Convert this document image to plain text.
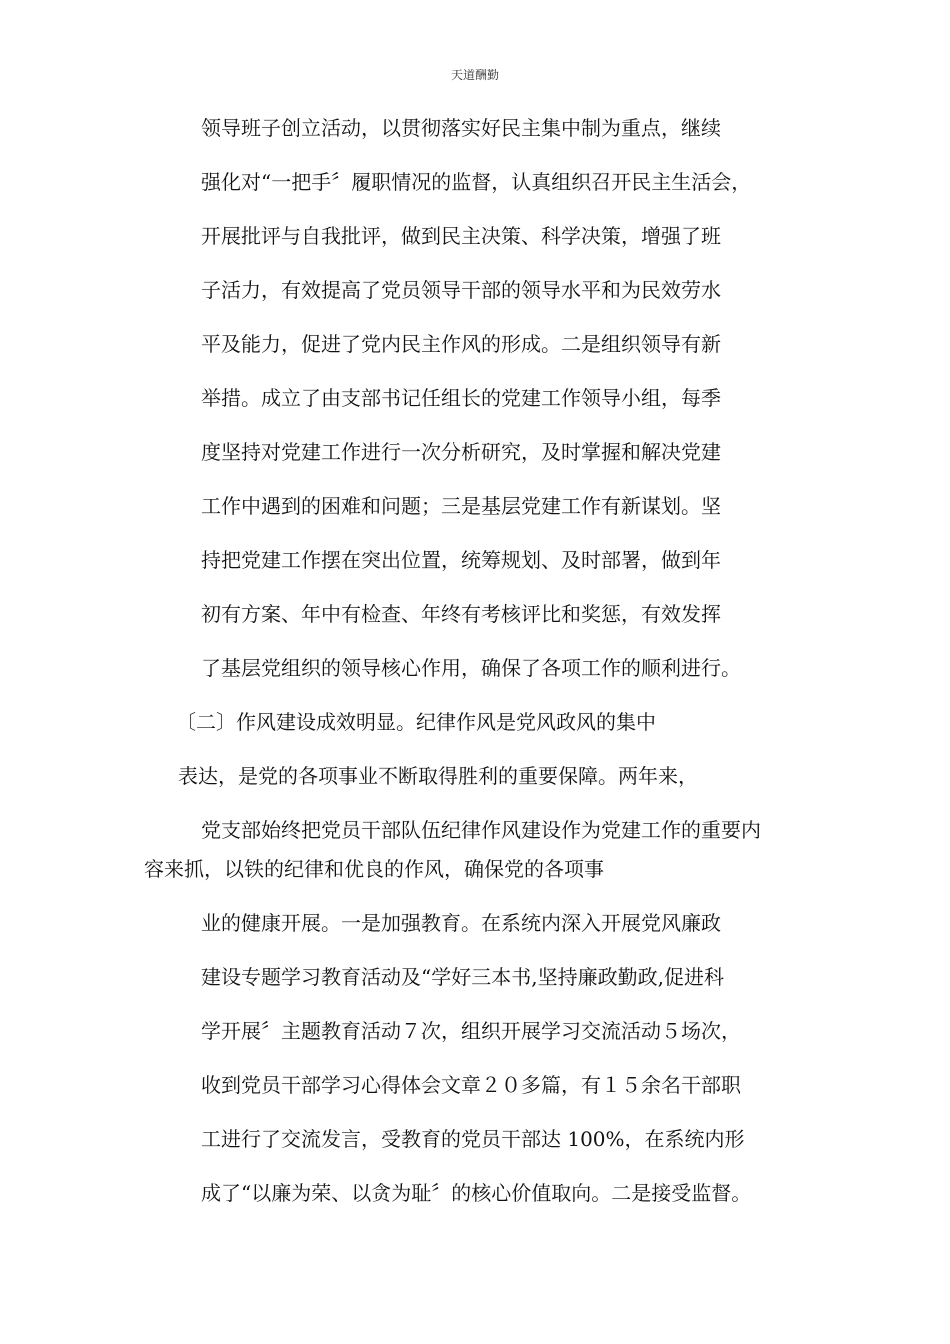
天道酬勤
领导班子创立活动，以贯彻落实好民主集中制为重点，继续
强化对“一把手〞履职情况的监督，认真组织召开民主生活会，
开展批评与自我批评，做到民主决策、科学决策，增强了班
子活力，有效提高了党员领导干部的领导水平和为民效劳水
平及能力，促进了党内民主作风的形成。二是组织领导有新
举措。成立了由支部书记任组长的党建工作领导小组，每季
度坚持对党建工作进行一次分析研究，及时掌握和解决党建
工作中遇到的困难和问题；三是基层党建工作有新谋划。坚
持把党建工作摆在突出位置，统筹规划、及时部署，做到年
初有方案、年中有检查、年终有考核评比和奖惩，有效发挥
了基层党组织的领导核心作用，确保了各项工作的顺利进行。
〔二〕作风建设成效明显。纪律作风是党风政风的集中
表达，是党的各项事业不断取得胜利的重要保障。两年来，
党支部始终把党员干部队伍纪律作风建设作为党建工作的重要内
容来抓，以铁的纪律和优良的作风，确保党的各项事
业的健康开展。一是加强教育。在系统内深入开展党风廉政
建设专题学习教育活动及“学好三本书,坚持廉政勤政,促进科
学开展〞主题教育活动７次，组织开展学习交流活动５场次，
收到党员干部学习心得体会文章２０多篇，有１５余名干部职
工进行了交流发言，受教育的党员干部达 100%，在系统内形
成了“以廉为荣、以贪为耻〞的核心价值取向。二是接受监督。
